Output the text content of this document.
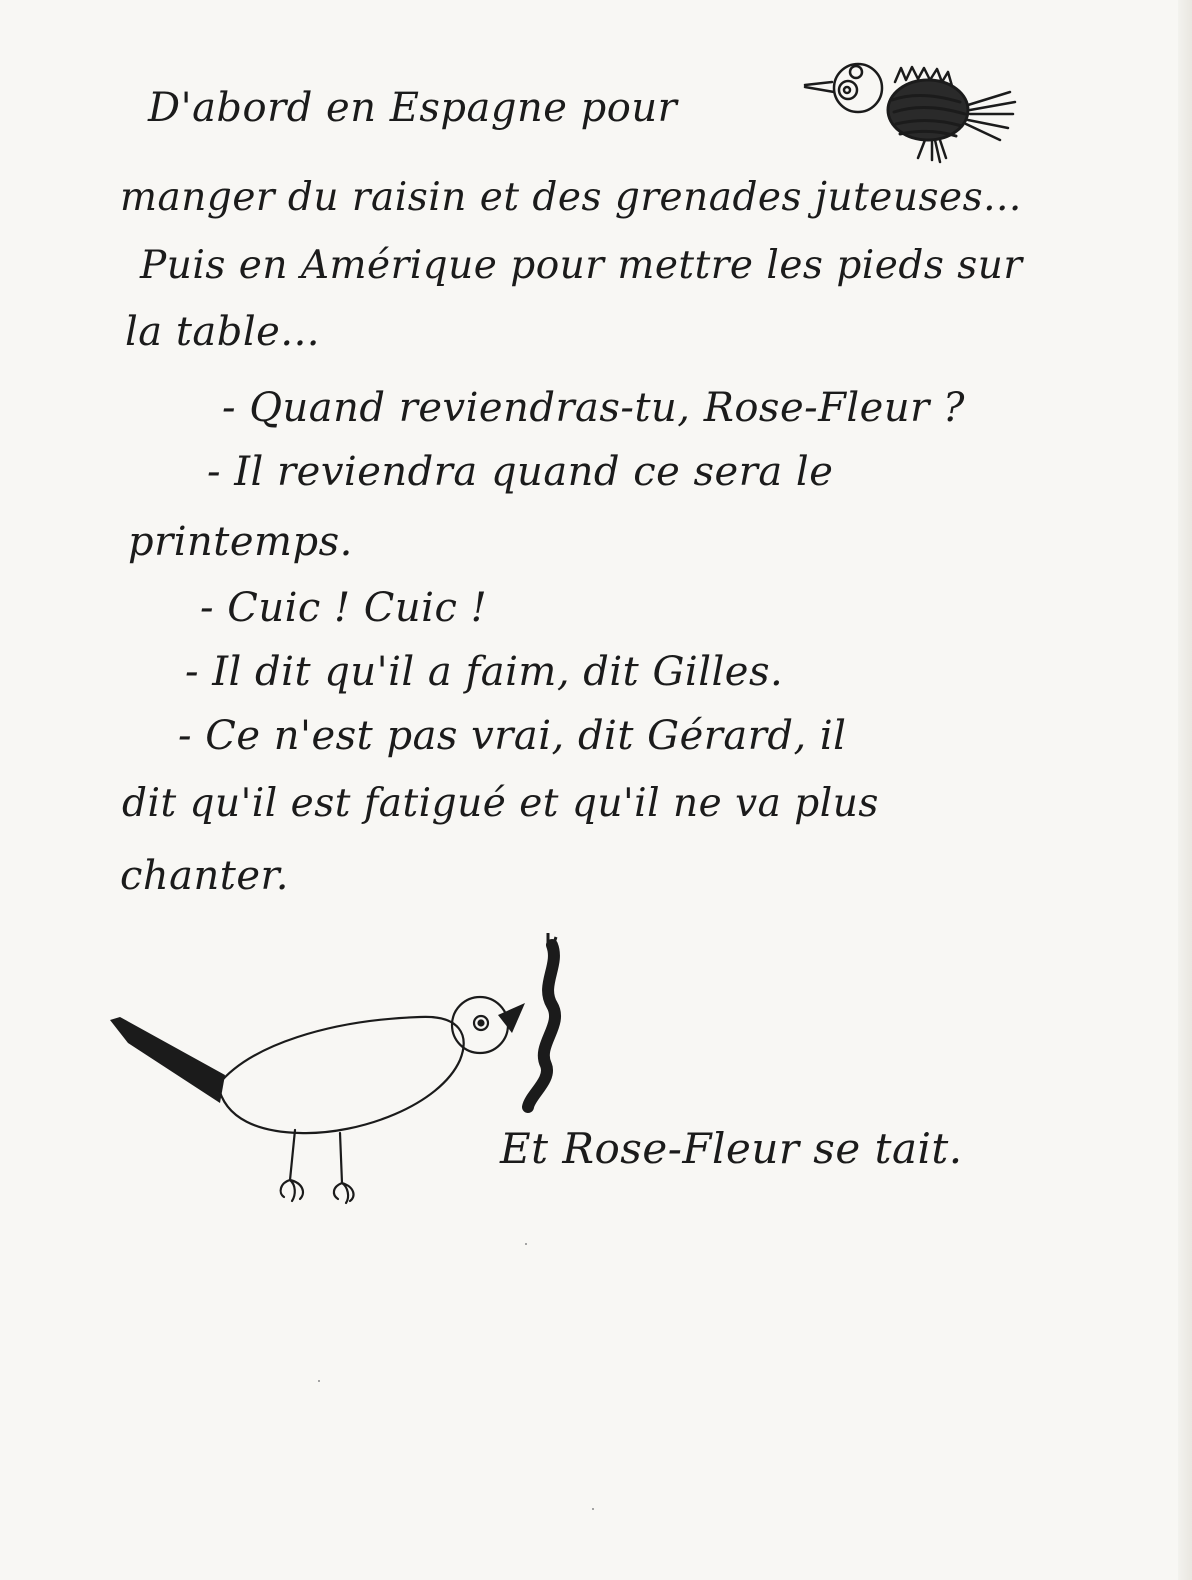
D'abord en Espagne pour
manger du raisin et des grenades juteuses...
Puis en Amérique pour mettre les pieds sur
la table...
- Quand reviendras-tu, Rose-Fleur ?
- Il reviendra quand ce sera le
printemps.
- Cuic ! Cuic !
- Il dit qu'il a faim, dit Gilles.
- Ce n'est pas vrai, dit Gérard, il
dit qu'il est fatigué et qu'il ne va plus
chanter.
Et Rose-Fleur se tait.
